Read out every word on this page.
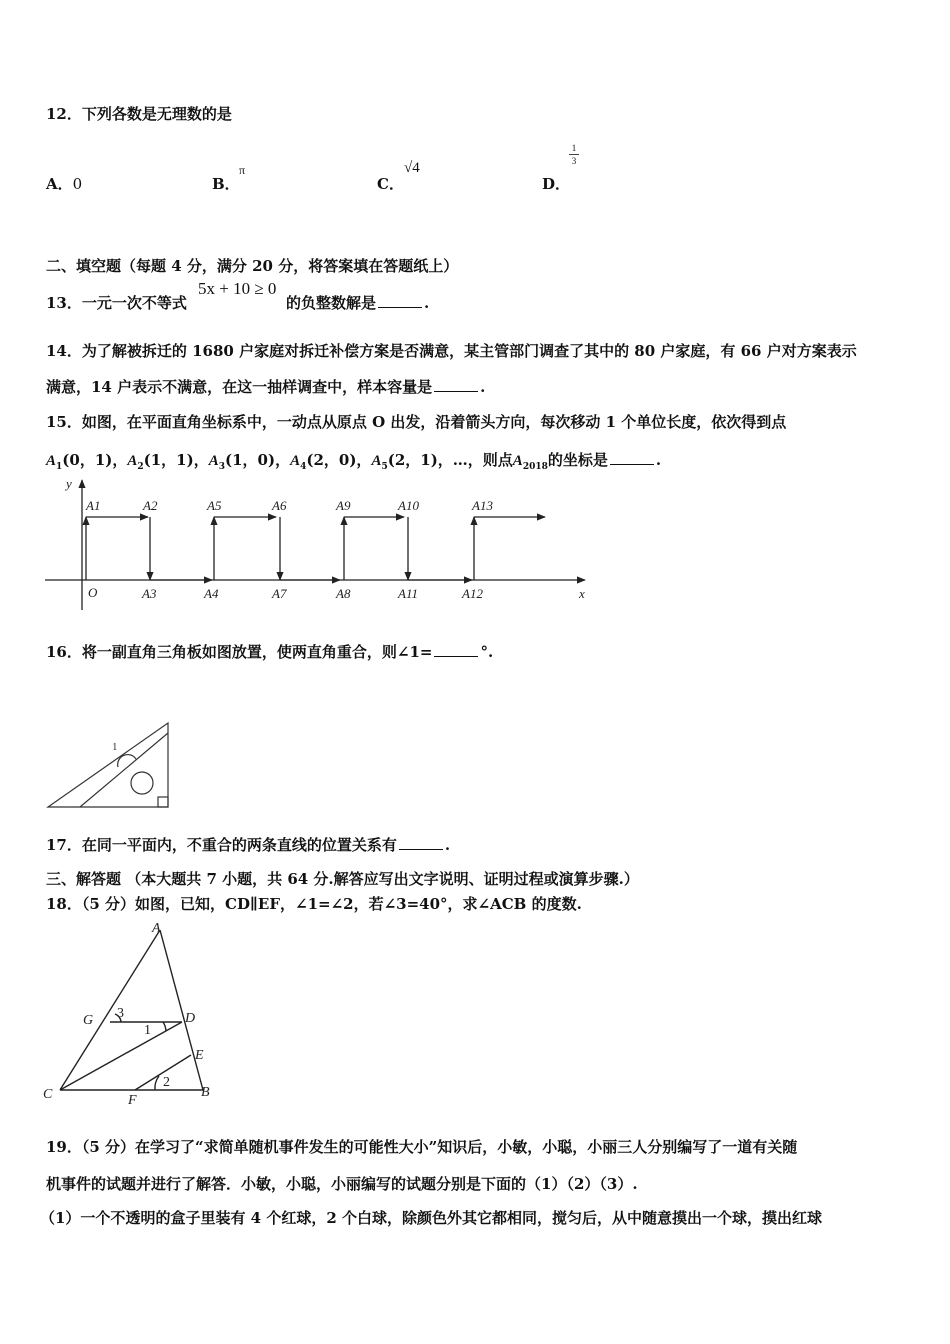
12．下列各数是无理数的是
A．0	B．
π
C．
√4
D．
1
3
二、填空题（每题 4 分，满分 20 分，将答案填在答题纸上）
13．一元一次不等式
5x + 10 ≥ 0
的负整数解是	.
14．为了解被拆迁的 1680 户家庭对拆迁补偿方案是否满意，某主管部门调查了其中的 80 户家庭，有 66 户对方案表示
满意，14 户表示不满意，在这一抽样调查中，样本容量是	.
15．如图，在平面直角坐标系中，一动点从原点 O 出发，沿着箭头方向，每次移动 1 个单位长度，依次得到点
$A_1(0$，1)，$A_2(1$，1)，$A_3(1$，0)，$A_4(2$，0)，$A_5(2$，1)，…，则点$A_{2018}$的坐标是	.
y
x
O
A1	A2	A5	A6	A9	A10	A13
A3	A4	A7	A8	A11	A12
16．将一副直角三角板如图放置，使两直角重合，则∠1=	°.
1
17．在同一平面内，不重合的两条直线的位置关系有	.
三、解答题 （本大题共 7 小题，共 64 分.解答应写出文字说明、证明过程或演算步骤.）
18．（5 分）如图，已知，CD∥EF，∠1=∠2，若∠3=40°，求∠ACB 的度数.
A
G 3	D
1
E
2
C	F
B
19．（5 分）在学习了“求简单随机事件发生的可能性大小”知识后，小敏，小聪，小丽三人分别编写了一道有关随
机事件的试题并进行了解答．小敏，小聪，小丽编写的试题分别是下面的（1）（2）（3）.
（1）一个不透明的盒子里装有 4 个红球，2 个白球，除颜色外其它都相同，搅匀后，从中随意摸出一个球，摸出红球
